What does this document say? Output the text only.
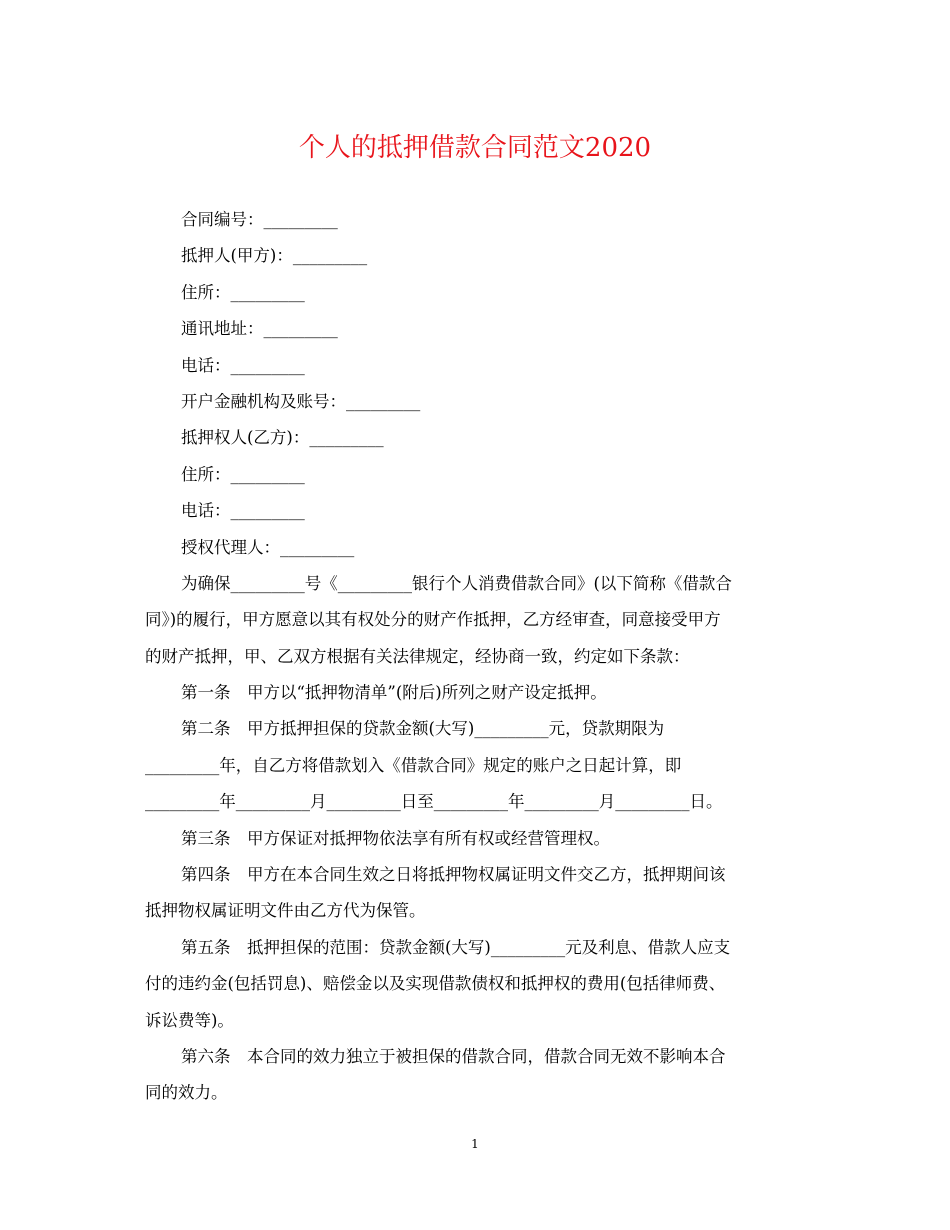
个人的抵押借款合同范文2020
合同编号：_________
抵押人(甲方)：_________
住所：_________
通讯地址：_________
电话：_________
开户金融机构及账号：_________
抵押权人(乙方)：_________
住所：_________
电话：_________
授权代理人：_________
为确保_________号《_________银行个人消费借款合同》(以下简称《借款合
同》)的履行，甲方愿意以其有权处分的财产作抵押，乙方经审查，同意接受甲方
的财产抵押，甲、乙双方根据有关法律规定，经协商一致，约定如下条款：
第一条　甲方以“抵押物清单”(附后)所列之财产设定抵押。
第二条　甲方抵押担保的贷款金额(大写)_________元，贷款期限为
_________年，自乙方将借款划入《借款合同》规定的账户之日起计算，即
_________年_________月_________日至_________年_________月_________日。
第三条　甲方保证对抵押物依法享有所有权或经营管理权。
第四条　甲方在本合同生效之日将抵押物权属证明文件交乙方，抵押期间该
抵押物权属证明文件由乙方代为保管。
第五条　抵押担保的范围：贷款金额(大写)_________元及利息、借款人应支
付的违约金(包括罚息)、赔偿金以及实现借款债权和抵押权的费用(包括律师费、
诉讼费等)。
第六条　本合同的效力独立于被担保的借款合同，借款合同无效不影响本合
同的效力。
1
